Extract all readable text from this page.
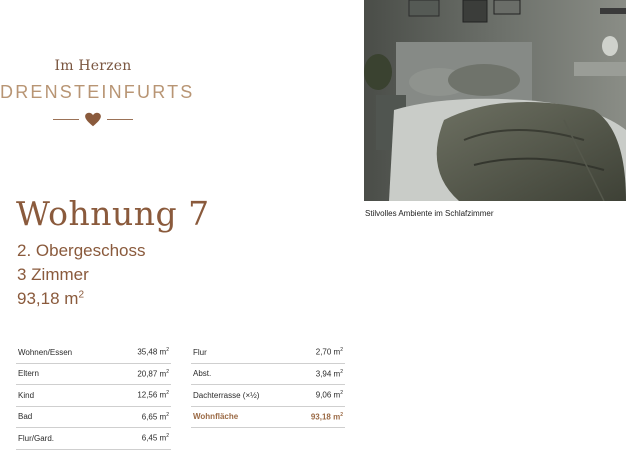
Im Herzen
DRENSTEINFURTS
Stilvolles Ambiente im Schlafzimmer
Wohnung 7
2. Obergeschoss
3 Zimmer
93,18 $m^2$
Wohnen/Essen	35,48 $m^2$
Eltern	20,87 $m^2$
Kind	12,56 $m^2$
Bad	6,65 $m^2$
Flur/Gard.	6,45 $m^2$
Flur	2,70 $m^2$
Abst.	3,94 $m^2$
Dachterrasse (×½)	9,06 $m^2$
Wohnfläche	93,18 $m^2$
